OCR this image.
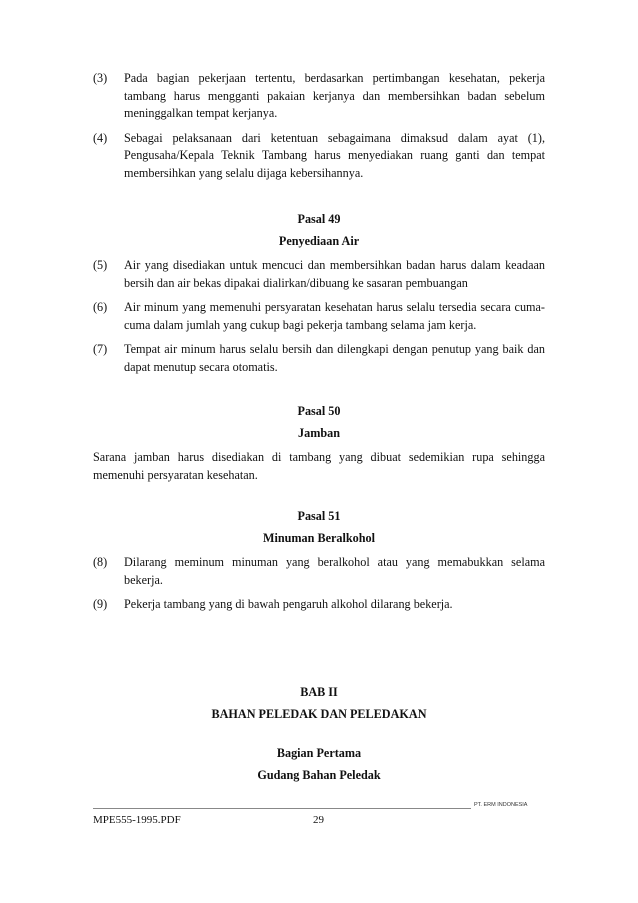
(3)	Pada bagian pekerjaan tertentu, berdasarkan pertimbangan kesehatan, pekerja tambang harus mengganti pakaian kerjanya dan membersihkan badan sebelum meninggalkan tempat kerjanya.
(4)	Sebagai pelaksanaan dari ketentuan sebagaimana dimaksud dalam ayat (1), Pengusaha/Kepala Teknik Tambang harus menyediakan ruang ganti dan tempat membersihkan yang selalu dijaga kebersihannya.
Pasal 49
Penyediaan Air
(5)	Air yang disediakan untuk mencuci dan membersihkan badan harus dalam keadaan bersih dan air bekas dipakai dialirkan/dibuang ke sasaran pembuangan
(6)	Air minum yang memenuhi persyaratan kesehatan harus selalu tersedia secara cuma-cuma dalam jumlah yang cukup bagi pekerja tambang selama jam kerja.
(7)	Tempat air minum harus selalu bersih dan dilengkapi dengan penutup yang baik dan dapat menutup secara otomatis.
Pasal 50
Jamban
Sarana jamban harus disediakan di tambang yang dibuat sedemikian rupa sehingga memenuhi persyaratan kesehatan.
Pasal 51
Minuman Beralkohol
(8)	Dilarang meminum minuman yang beralkohol atau yang memabukkan selama bekerja.
(9)	Pekerja tambang yang di bawah pengaruh alkohol dilarang bekerja.
BAB II
BAHAN PELEDAK DAN PELEDAKAN
Bagian Pertama
Gudang Bahan Peledak
PT. ERM INDONESIA
MPE555-1995.PDF	29
